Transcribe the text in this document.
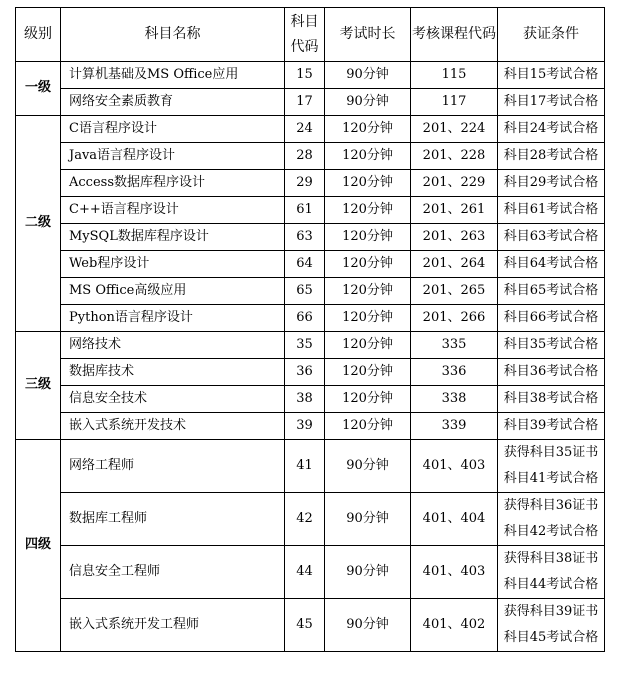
级别	科目名称	科目代码	考试时长	考核课程代码	获证条件
一级	计算机基础及MS Office应用	15	90分钟	115	科目15考试合格

	网络安全素质教育	17	90分钟	117	科目17考试合格

二级	C语言程序设计	24	120分钟	201、224	科目24考试合格

	Java语言程序设计	28	120分钟	201、228	科目28考试合格

	Access数据库程序设计	29	120分钟	201、229	科目29考试合格

	C++语言程序设计	61	120分钟	201、261	科目61考试合格

	MySQL数据库程序设计	63	120分钟	201、263	科目63考试合格

	Web程序设计	64	120分钟	201、264	科目64考试合格

	MS Office高级应用	65	120分钟	201、265	科目65考试合格

	Python语言程序设计	66	120分钟	201、266	科目66考试合格

三级	网络技术	35	120分钟	335	科目35考试合格

	数据库技术	36	120分钟	336	科目36考试合格

	信息安全技术	38	120分钟	338	科目38考试合格

	嵌入式系统开发技术	39	120分钟	339	科目39考试合格

四级	网络工程师	41	90分钟	401、403	获得科目35证书
科目41考试合格

	数据库工程师	42	90分钟	401、404	获得科目36证书
科目42考试合格

	信息安全工程师	44	90分钟	401、403	获得科目38证书
科目44考试合格

	嵌入式系统开发工程师	45	90分钟	401、402	获得科目39证书
科目45考试合格
